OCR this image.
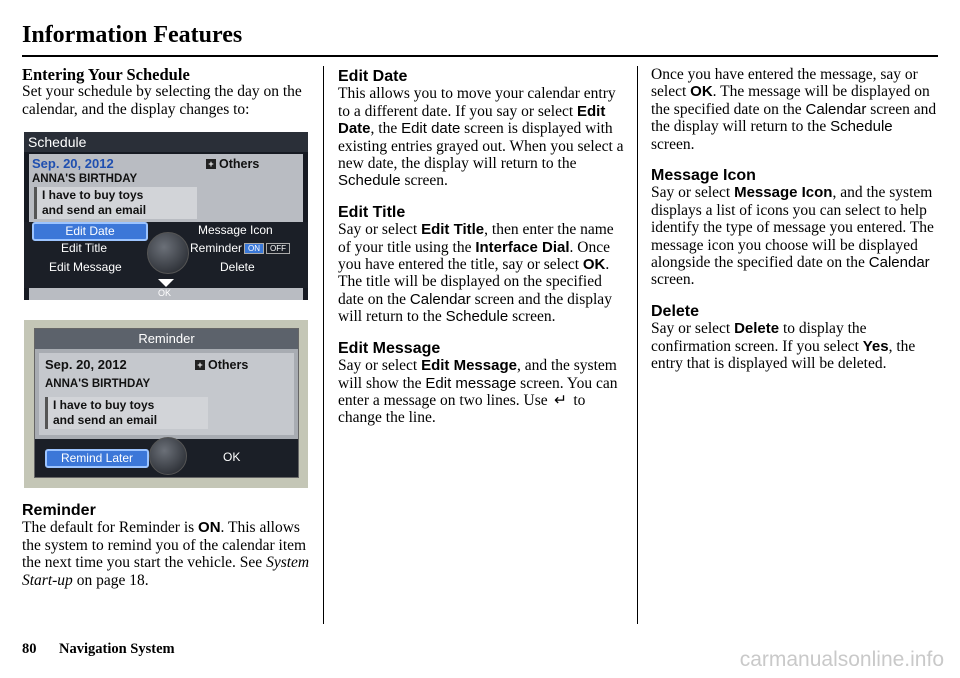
Information Features

Entering Your Schedule

Set your schedule by selecting the day on the calendar, and the display changes to:

Schedule
Sep. 20, 2012	+ Others
ANNA'S BIRTHDAY
I have to buy toys
and send an email
Edit Date
Edit Title
Edit Message
Message Icon
Reminder ON OFF
Delete
OK
Reminder
Sep. 20, 2012	+ Others
ANNA'S BIRTHDAY
I have to buy toys
and send an email
Remind Later	OK

Reminder

The default for Reminder is ON. This allows the system to remind you of the calendar item the next time you start the vehicle. See System Start-up on page 18.

Edit Date

This allows you to move your calendar entry to a different date. If you say or select Edit Date, the Edit date screen is displayed with existing entries grayed out. When you select a new date, the display will return to the Schedule screen.

Edit Title

Say or select Edit Title, then enter the name of your title using the Interface Dial. Once you have entered the title, say or select OK. The title will be displayed on the specified date on the Calendar screen and the display will return to the Schedule screen.

Edit Message

Say or select Edit Message, and the system will show the Edit message screen. You can enter a message on two lines. Use ↵ to change the line.

Once you have entered the message, say or select OK. The message will be displayed on the specified date on the Calendar screen and the display will return to the Schedule screen.

Message Icon

Say or select Message Icon, and the system displays a list of icons you can select to help identify the type of message you entered. The message icon you choose will be displayed alongside the specified date on the Calendar screen.

Delete

Say or select Delete to display the confirmation screen. If you select Yes, the entry that is displayed will be deleted.

80 Navigation System	carmanualsonline.info
